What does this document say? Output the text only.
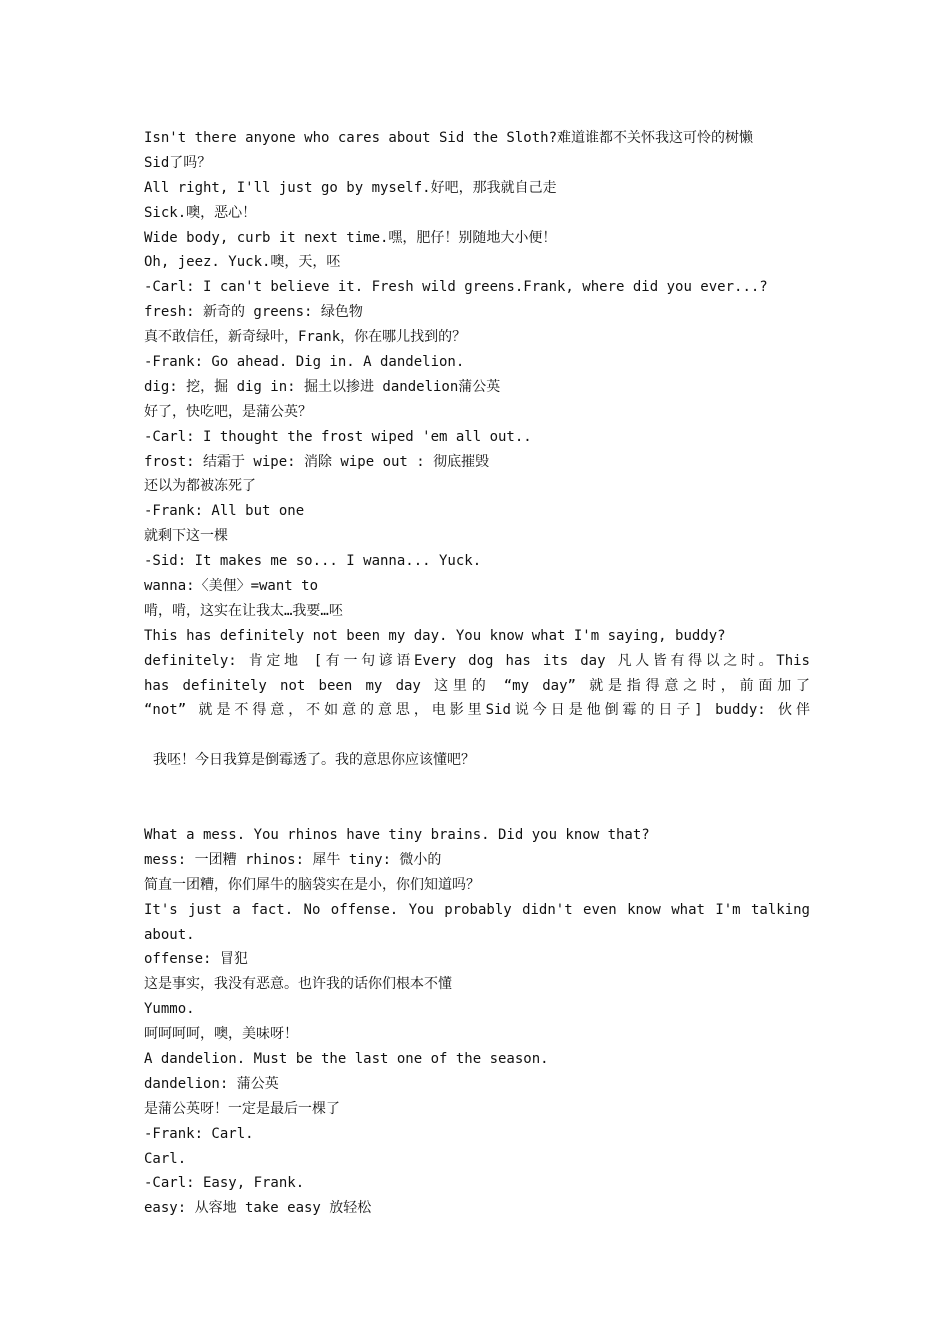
Isn't there anyone who cares about Sid the Sloth?难道谁都不关怀我这可怜的树懒
Sid了吗？
All right, I'll just go by myself.好吧，那我就自己走
Sick.噢，恶心！
Wide body, curb it next time.嘿，肥仔！别随地大小便！
Oh, jeez. Yuck.噢，天，呸
-Carl: I can't believe it. Fresh wild greens.Frank, where did you ever...?
fresh: 新奇的 greens: 绿色物
真不敢信任，新奇绿叶，Frank，你在哪儿找到的？
-Frank: Go ahead. Dig in. A dandelion.
dig: 挖，掘 dig in: 掘土以掺进 dandelion蒲公英
好了，快吃吧，是蒲公英？
-Carl: I thought the frost wiped 'em all out..
frost: 结霜于 wipe: 消除 wipe out : 彻底摧毁
还以为都被冻死了
-Frank: All but one
就剩下这一棵
-Sid: It makes me so... I wanna... Yuck.
wanna:〈美俚〉=want to
啃，啃，这实在让我太…我要…呸
This has definitely not been my day. You know what I'm saying, buddy?
definitely: 肯定地 [有一句谚语Every dog has its day 凡人皆有得以之时。This
has definitely not been my day 这里的 “my day” 就是指得意之时，前面加了
“not” 就是不得意，不如意的意思，电影里Sid说今日是他倒霉的日子] buddy: 伙伴
我呸！今日我算是倒霉透了。我的意思你应该懂吧？
What a mess. You rhinos have tiny brains. Did you know that?
mess: 一团糟 rhinos: 犀牛 tiny: 微小的
简直一团糟，你们犀牛的脑袋实在是小，你们知道吗？
It's just a fact. No offense. You probably didn't even know what I'm talking
about.
offense: 冒犯
这是事实，我没有恶意。也许我的话你们根本不懂
Yummo.
呵呵呵呵，噢，美味呀！
A dandelion. Must be the last one of the season.
dandelion: 蒲公英
是蒲公英呀！一定是最后一棵了
-Frank: Carl.
Carl.
-Carl: Easy, Frank.
easy: 从容地 take easy 放轻松
